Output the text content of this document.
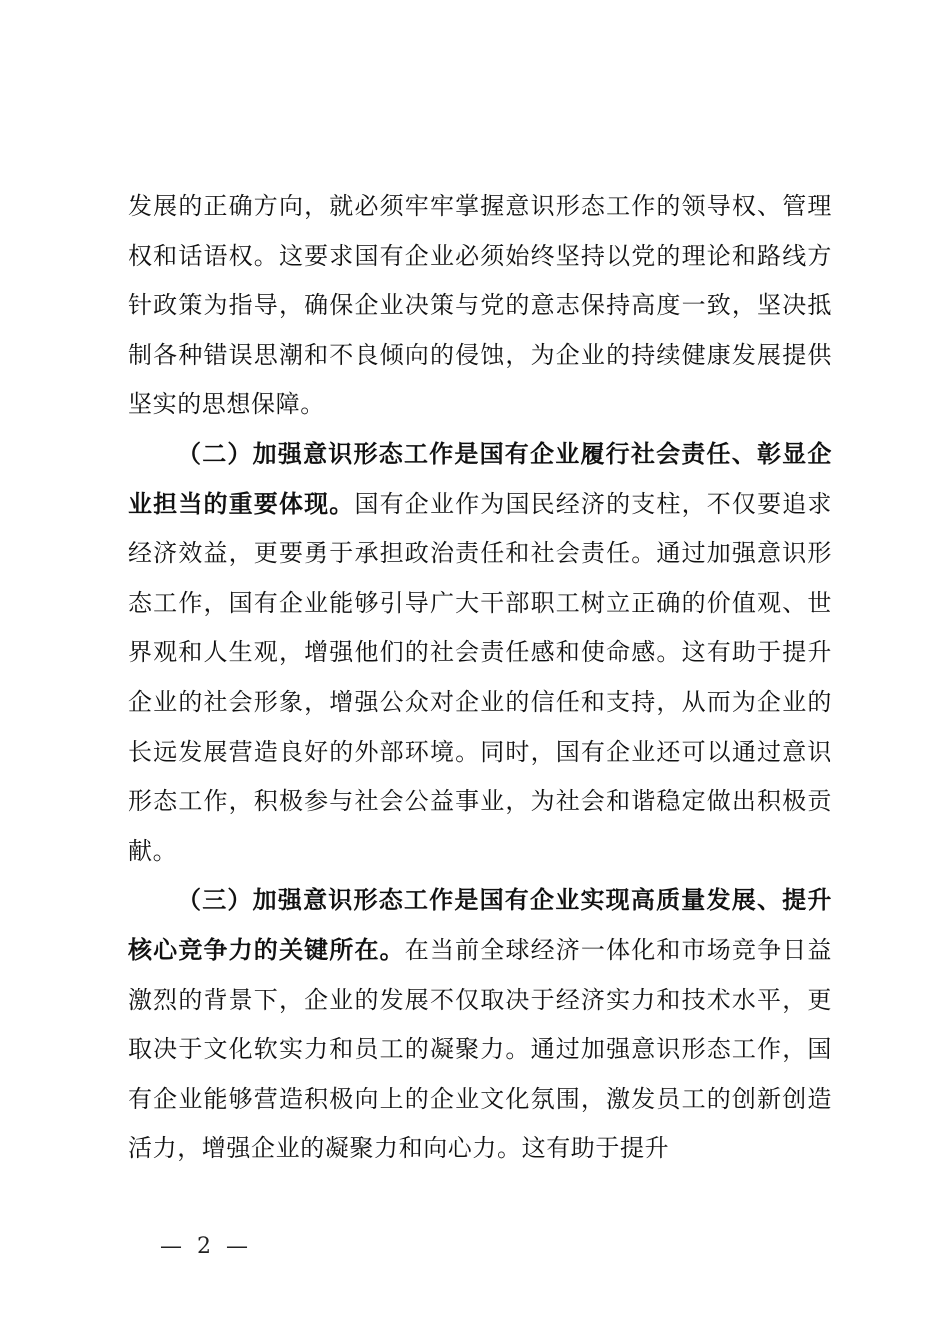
发展的正确方向，就必须牢牢掌握意识形态工作的领导权、管理权和话语权。这要求国有企业必须始终坚持以党的理论和路线方针政策为指导，确保企业决策与党的意志保持高度一致，坚决抵制各种错误思潮和不良倾向的侵蚀，为企业的持续健康发展提供坚实的思想保障。

（二）加强意识形态工作是国有企业履行社会责任、彰显企业担当的重要体现。国有企业作为国民经济的支柱，不仅要追求经济效益，更要勇于承担政治责任和社会责任。通过加强意识形态工作，国有企业能够引导广大干部职工树立正确的价值观、世界观和人生观，增强他们的社会责任感和使命感。这有助于提升企业的社会形象，增强公众对企业的信任和支持，从而为企业的长远发展营造良好的外部环境。同时，国有企业还可以通过意识形态工作，积极参与社会公益事业，为社会和谐稳定做出积极贡献。

（三）加强意识形态工作是国有企业实现高质量发展、提升核心竞争力的关键所在。在当前全球经济一体化和市场竞争日益激烈的背景下，企业的发展不仅取决于经济实力和技术水平，更取决于文化软实力和员工的凝聚力。通过加强意识形态工作，国有企业能够营造积极向上的企业文化氛围，激发员工的创新创造活力，增强企业的凝聚力和向心力。这有助于提升

— 2 —
